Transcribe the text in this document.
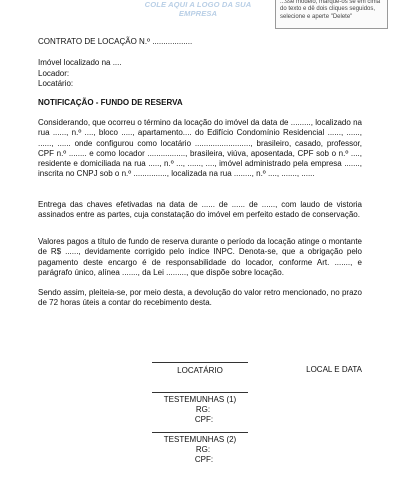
COLE AQUI A LOGO DA SUA EMPRESA
...sse modelo, marque-os se em cima do texto e dê dois cliques seguidos, selecione e aperte "Delete"
CONTRATO DE LOCAÇÃO N.º ..................
Imóvel localizado na ....
Locador:
Locatário:
NOTIFICAÇÃO - FUNDO DE RESERVA
Considerando, que ocorreu o término da locação do imóvel da data de ........., localizado na rua ......, n.º ...., bloco ....., apartamento.... do Edifício Condomínio Residencial ......, ......, ......, ...... onde configurou como locatário ........................., brasileiro, casado, professor, CPF n.º ........ e como locador ................., brasileira, viúva, aposentada, CPF sob o n.º ...., residente e domiciliada na rua ....., n.º ..., ......, ...., imóvel administrado pela empresa ......., inscrita no CNPJ sob o n.º ..............., localizada na rua ........, n.º ...., ......., ......
Entrega das chaves efetivadas na data de ...... de ...... de ......, com laudo de vistoria assinados entre as partes, cuja constatação do imóvel em perfeito estado de conservação.
Valores pagos a título de fundo de reserva durante o período da locação atinge o montante de R$ ......, devidamente corrigido pelo índice INPC. Denota-se, que a obrigação pelo pagamento deste encargo é de responsabilidade do locador, conforme Art. ......., e parágrafo único, alínea ......., da Lei ........., que dispõe sobre locação.
Sendo assim, pleiteia-se, por meio desta, a devolução do valor retro mencionado, no prazo de 72 horas úteis a contar do recebimento desta.
LOCAL E DATA
LOCATÁRIO
TESTEMUNHAS (1)
RG:
CPF:
TESTEMUNHAS (2)
RG:
CPF:
